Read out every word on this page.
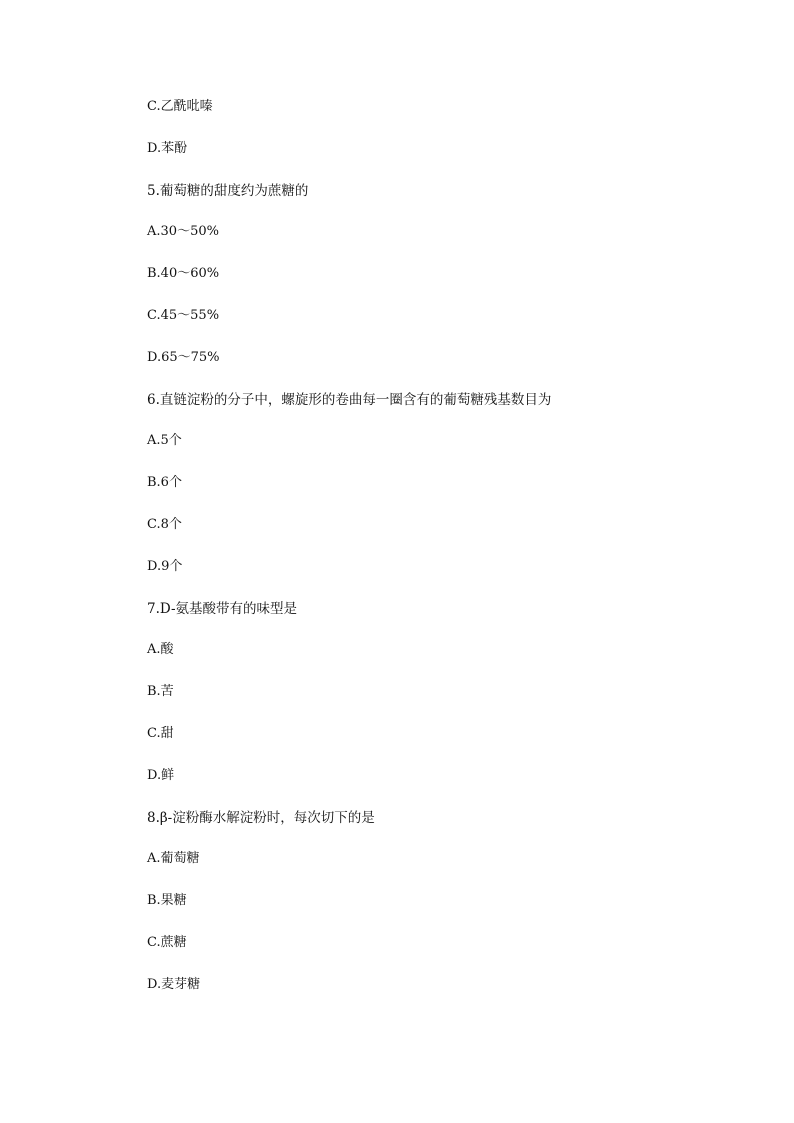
C.乙酰吡嗪
D.苯酚
5.葡萄糖的甜度约为蔗糖的
A.30～50%
B.40～60%
C.45～55%
D.65～75%
6.直链淀粉的分子中，螺旋形的卷曲每一圈含有的葡萄糖残基数目为
A.5个
B.6个
C.8个
D.9个
7.D-氨基酸带有的味型是
A.酸
B.苦
C.甜
D.鲜
8.β-淀粉酶水解淀粉时，每次切下的是
A.葡萄糖
B.果糖
C.蔗糖
D.麦芽糖
